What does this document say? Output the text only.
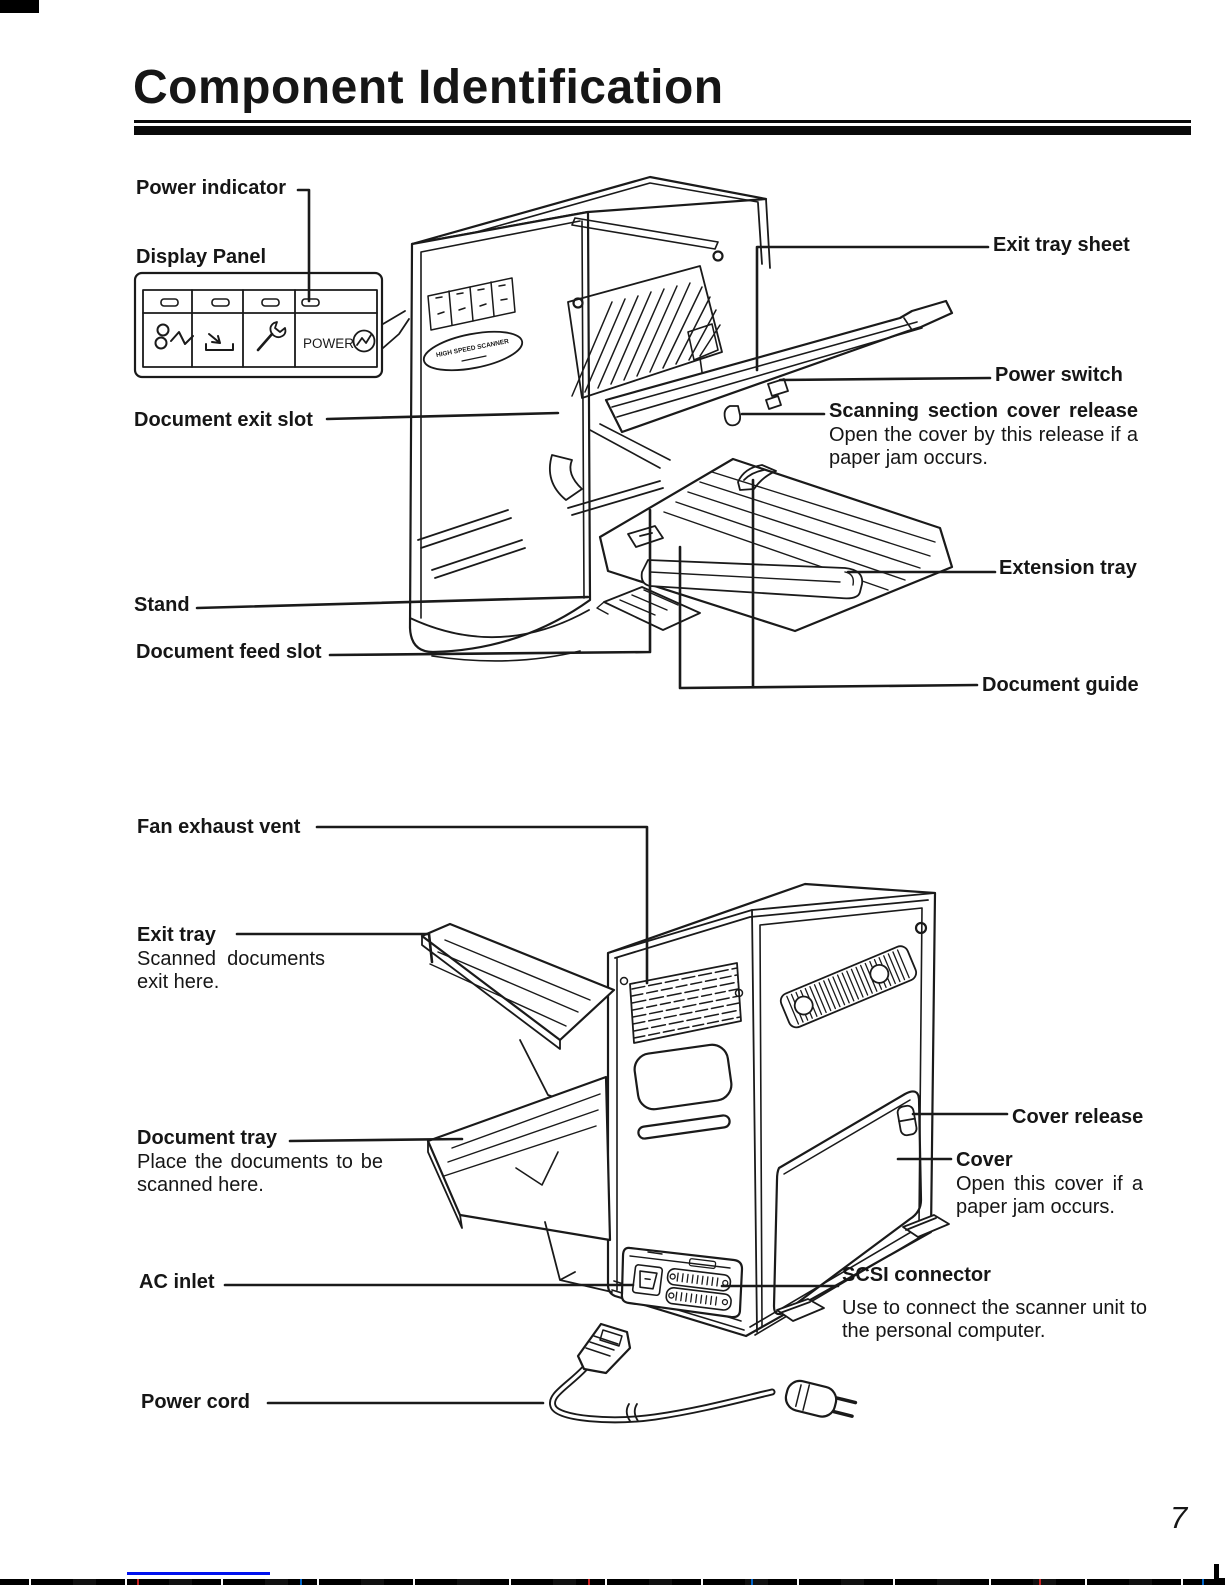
Component Identification
HIGH SPEED SCANNER
POWER
Power indicator
Display Panel
Document exit slot
Stand
Document feed slot
Exit tray sheet
Power switch
Scanning section cover release
Open the cover by this release if a paper jam occurs.
Extension tray
Document guide
Fan exhaust vent
Exit tray
Scanned documents exit here.
Document tray
Place the documents to be scanned here.
AC inlet
Power cord
Cover release
Cover
Open this cover if a paper jam occurs.
SCSI connector
Use to connect the scanner unit to the personal computer.
7
